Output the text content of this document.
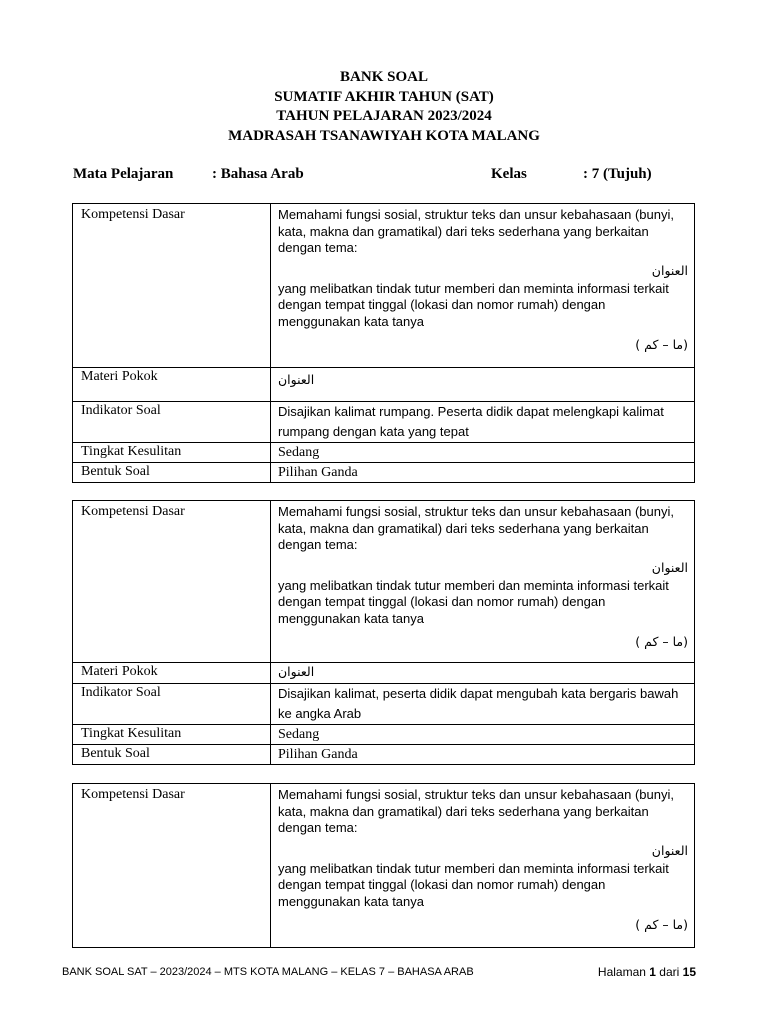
BANK SOAL
SUMATIF AKHIR TAHUN (SAT)
TAHUN PELAJARAN 2023/2024
MADRASAH TSANAWIYAH KOTA MALANG
Mata Pelajaran	: Bahasa Arab	Kelas	: 7 (Tujuh)
Kompetensi Dasar	Memahami fungsi sosial, struktur teks dan unsur kebahasaan (bunyi, kata, makna dan gramatikal) dari teks sederhana yang berkaitan dengan tema:
العنوان
yang melibatkan tindak tutur memberi dan meminta informasi terkait dengan tempat tinggal (lokasi dan nomor rumah) dengan menggunakan kata tanya
(ما – كم )

Materi Pokok	العنوان

Indikator Soal	Disajikan kalimat rumpang. Peserta didik dapat melengkapi kalimat rumpang dengan kata yang tepat

Tingkat Kesulitan	Sedang
Bentuk Soal	Pilihan Ganda
Kompetensi Dasar	Memahami fungsi sosial, struktur teks dan unsur kebahasaan (bunyi, kata, makna dan gramatikal) dari teks sederhana yang berkaitan dengan tema:
العنوان
yang melibatkan tindak tutur memberi dan meminta informasi terkait dengan tempat tinggal (lokasi dan nomor rumah) dengan menggunakan kata tanya
(ما – كم )

Materi Pokok	العنوان

Indikator Soal	Disajikan kalimat, peserta didik dapat mengubah kata bergaris bawah ke angka Arab

Tingkat Kesulitan	Sedang
Bentuk Soal	Pilihan Ganda
Kompetensi Dasar	Memahami fungsi sosial, struktur teks dan unsur kebahasaan (bunyi, kata, makna dan gramatikal) dari teks sederhana yang berkaitan dengan tema:
العنوان
yang melibatkan tindak tutur memberi dan meminta informasi terkait dengan tempat tinggal (lokasi dan nomor rumah) dengan menggunakan kata tanya
(ما – كم )
BANK SOAL SAT – 2023/2024 – MTS KOTA MALANG – KELAS 7 – BAHASA ARAB	Halaman 1 dari 15
